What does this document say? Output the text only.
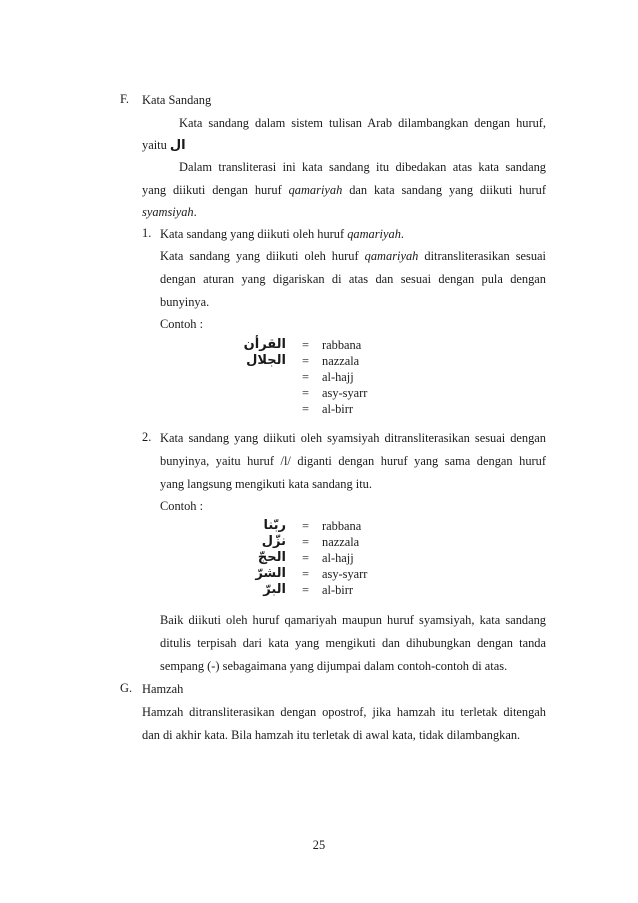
F. Kata Sandang
Kata sandang dalam sistem tulisan Arab dilambangkan dengan huruf,
yaitu ال
Dalam transliterasi ini kata sandang itu dibedakan atas kata sandang
yang diikuti dengan huruf qamariyah dan kata sandang yang diikuti huruf
syamsiyah.
1. Kata sandang yang diikuti oleh huruf qamariyah.
Kata sandang yang diikuti oleh huruf qamariyah ditransliterasikan sesuai
dengan aturan yang digariskan di atas dan sesuai dengan pula dengan
bunyinya.
Contoh :
القرأن = rabbana
الجلال = nazzala
= al-hajj
= asy-syarr
= al-birr
2. Kata sandang yang diikuti oleh syamsiyah ditransliterasikan sesuai dengan
bunyinya, yaitu huruf /l/ diganti dengan huruf yang sama dengan huruf
yang langsung mengikuti kata sandang itu.
Contoh :
ربّنا = rabbana
نزّل = nazzala
الحجّ = al-hajj
الشرّ = asy-syarr
البرّ = al-birr
Baik diikuti oleh huruf qamariyah maupun huruf syamsiyah, kata sandang
ditulis terpisah dari kata yang mengikuti dan dihubungkan dengan tanda
sempang (-) sebagaimana yang dijumpai dalam contoh-contoh di atas.
G. Hamzah
Hamzah ditransliterasikan dengan opostrof, jika hamzah itu terletak ditengah
dan di akhir kata. Bila hamzah itu terletak di awal kata, tidak dilambangkan.
25
